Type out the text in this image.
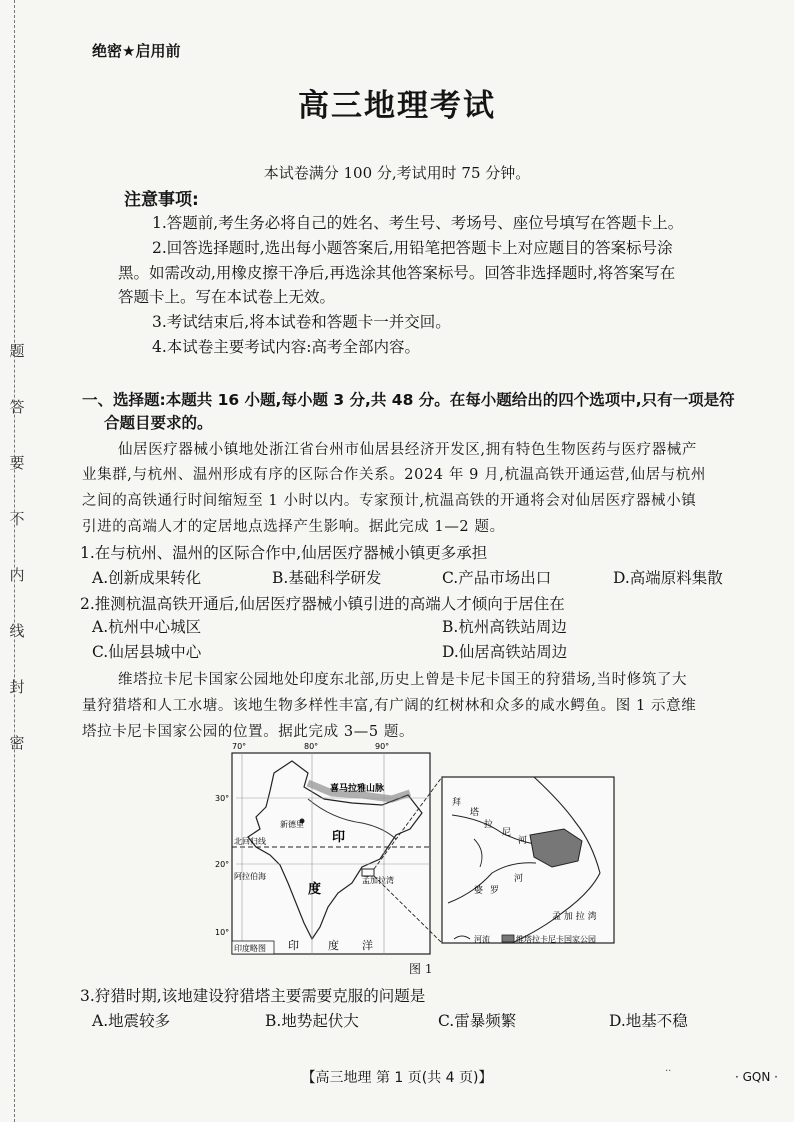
题
答
要
不
内
线
封
密
绝密★启用前
高三地理考试
本试卷满分 100 分,考试用时 75 分钟。
注意事项:
1.答题前,考生务必将自己的姓名、考生号、考场号、座位号填写在答题卡上。
2.回答选择题时,选出每小题答案后,用铅笔把答题卡上对应题目的答案标号涂
黑。如需改动,用橡皮擦干净后,再选涂其他答案标号。回答非选择题时,将答案写在
答题卡上。写在本试卷上无效。
3.考试结束后,将本试卷和答题卡一并交回。
4.本试卷主要考试内容:高考全部内容。
一、选择题:本题共 16 小题,每小题 3 分,共 48 分。在每小题给出的四个选项中,只有一项是符
合题目要求的。
仙居医疗器械小镇地处浙江省台州市仙居县经济开发区,拥有特色生物医药与医疗器械产
业集群,与杭州、温州形成有序的区际合作关系。2024 年 9 月,杭温高铁开通运营,仙居与杭州
之间的高铁通行时间缩短至 1 小时以内。专家预计,杭温高铁的开通将会对仙居医疗器械小镇
引进的高端人才的定居地点选择产生影响。据此完成 1—2 题。
1.在与杭州、温州的区际合作中,仙居医疗器械小镇更多承担
A.创新成果转化	B.基础科学研发	C.产品市场出口	D.高端原料集散
2.推测杭温高铁开通后,仙居医疗器械小镇引进的高端人才倾向于居住在
A.杭州中心城区	B.杭州高铁站周边
C.仙居县城中心	D.仙居高铁站周边
维塔拉卡尼卡国家公园地处印度东北部,历史上曾是卡尼卡国王的狩猎场,当时修筑了大
量狩猎塔和人工水塘。该地生物多样性丰富,有广阔的红树林和众多的咸水鳄鱼。图 1 示意维
塔拉卡尼卡国家公园的位置。据此完成 3—5 题。
70°	80°	90°
30°
20°
10°
喜马拉雅山脉
新德里
印
度
北回归线
阿拉伯海	孟加拉湾
印	度 洋
印度略图
拜
塔
拉
尼
河
婆 罗
河
孟 加 拉 湾
河流	维塔拉卡尼卡国家公园
图 1
3.狩猎时期,该地建设狩猎塔主要需要克服的问题是
A.地震较多	B.地势起伏大	C.雷暴频繁	D.地基不稳
【高三地理 第 1 页(共 4 页)】	··	· GQN ·
